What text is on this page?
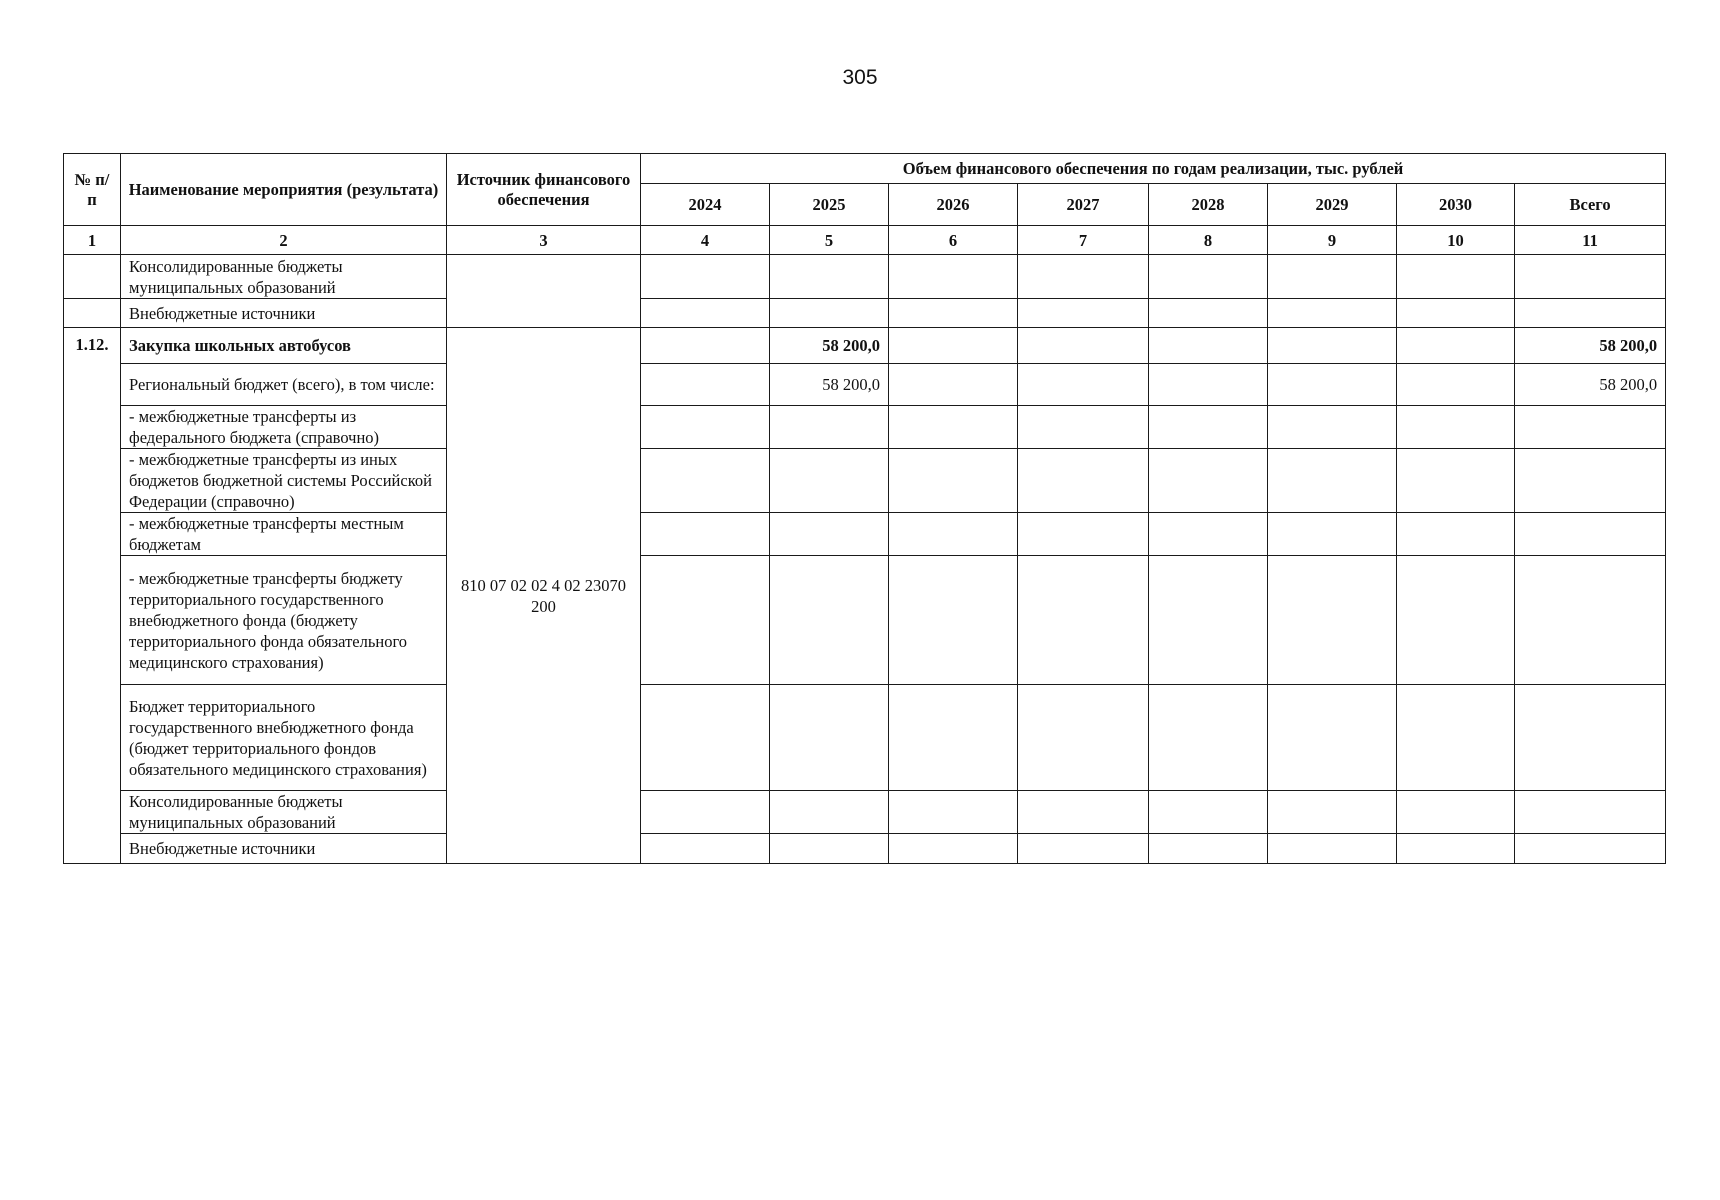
305
№ п/п	Наименование мероприятия (результата)	Источник финансового обеспечения	Объем финансового обеспечения по годам реализации, тыс. рублей							
			2024	2025	2026	2027	2028	2029	2030	Всего
1	2	3	4	5	6	7	8	9	10	11
	Консолидированные бюджеты муниципальных образований									
	Внебюджетные источники									
1.12.	Закупка школьных автобусов	810 07 02 02 4 02 23070 200		58 200,0						58 200,0
	Региональный бюджет (всего), в том числе:			58 200,0						58 200,0
	- межбюджетные трансферты из федерального бюджета (справочно)									
	- межбюджетные трансферты из иных бюджетов бюджетной системы Российской Федерации (справочно)									
	- межбюджетные трансферты местным бюджетам									
	- межбюджетные трансферты бюджету территориального государственного внебюджетного фонда (бюджету территориального фонда обязательного медицинского страхования)									
	Бюджет территориального государственного внебюджетного фонда (бюджет территориального фондов обязательного медицинского страхования)									
	Консолидированные бюджеты муниципальных образований									
	Внебюджетные источники									
